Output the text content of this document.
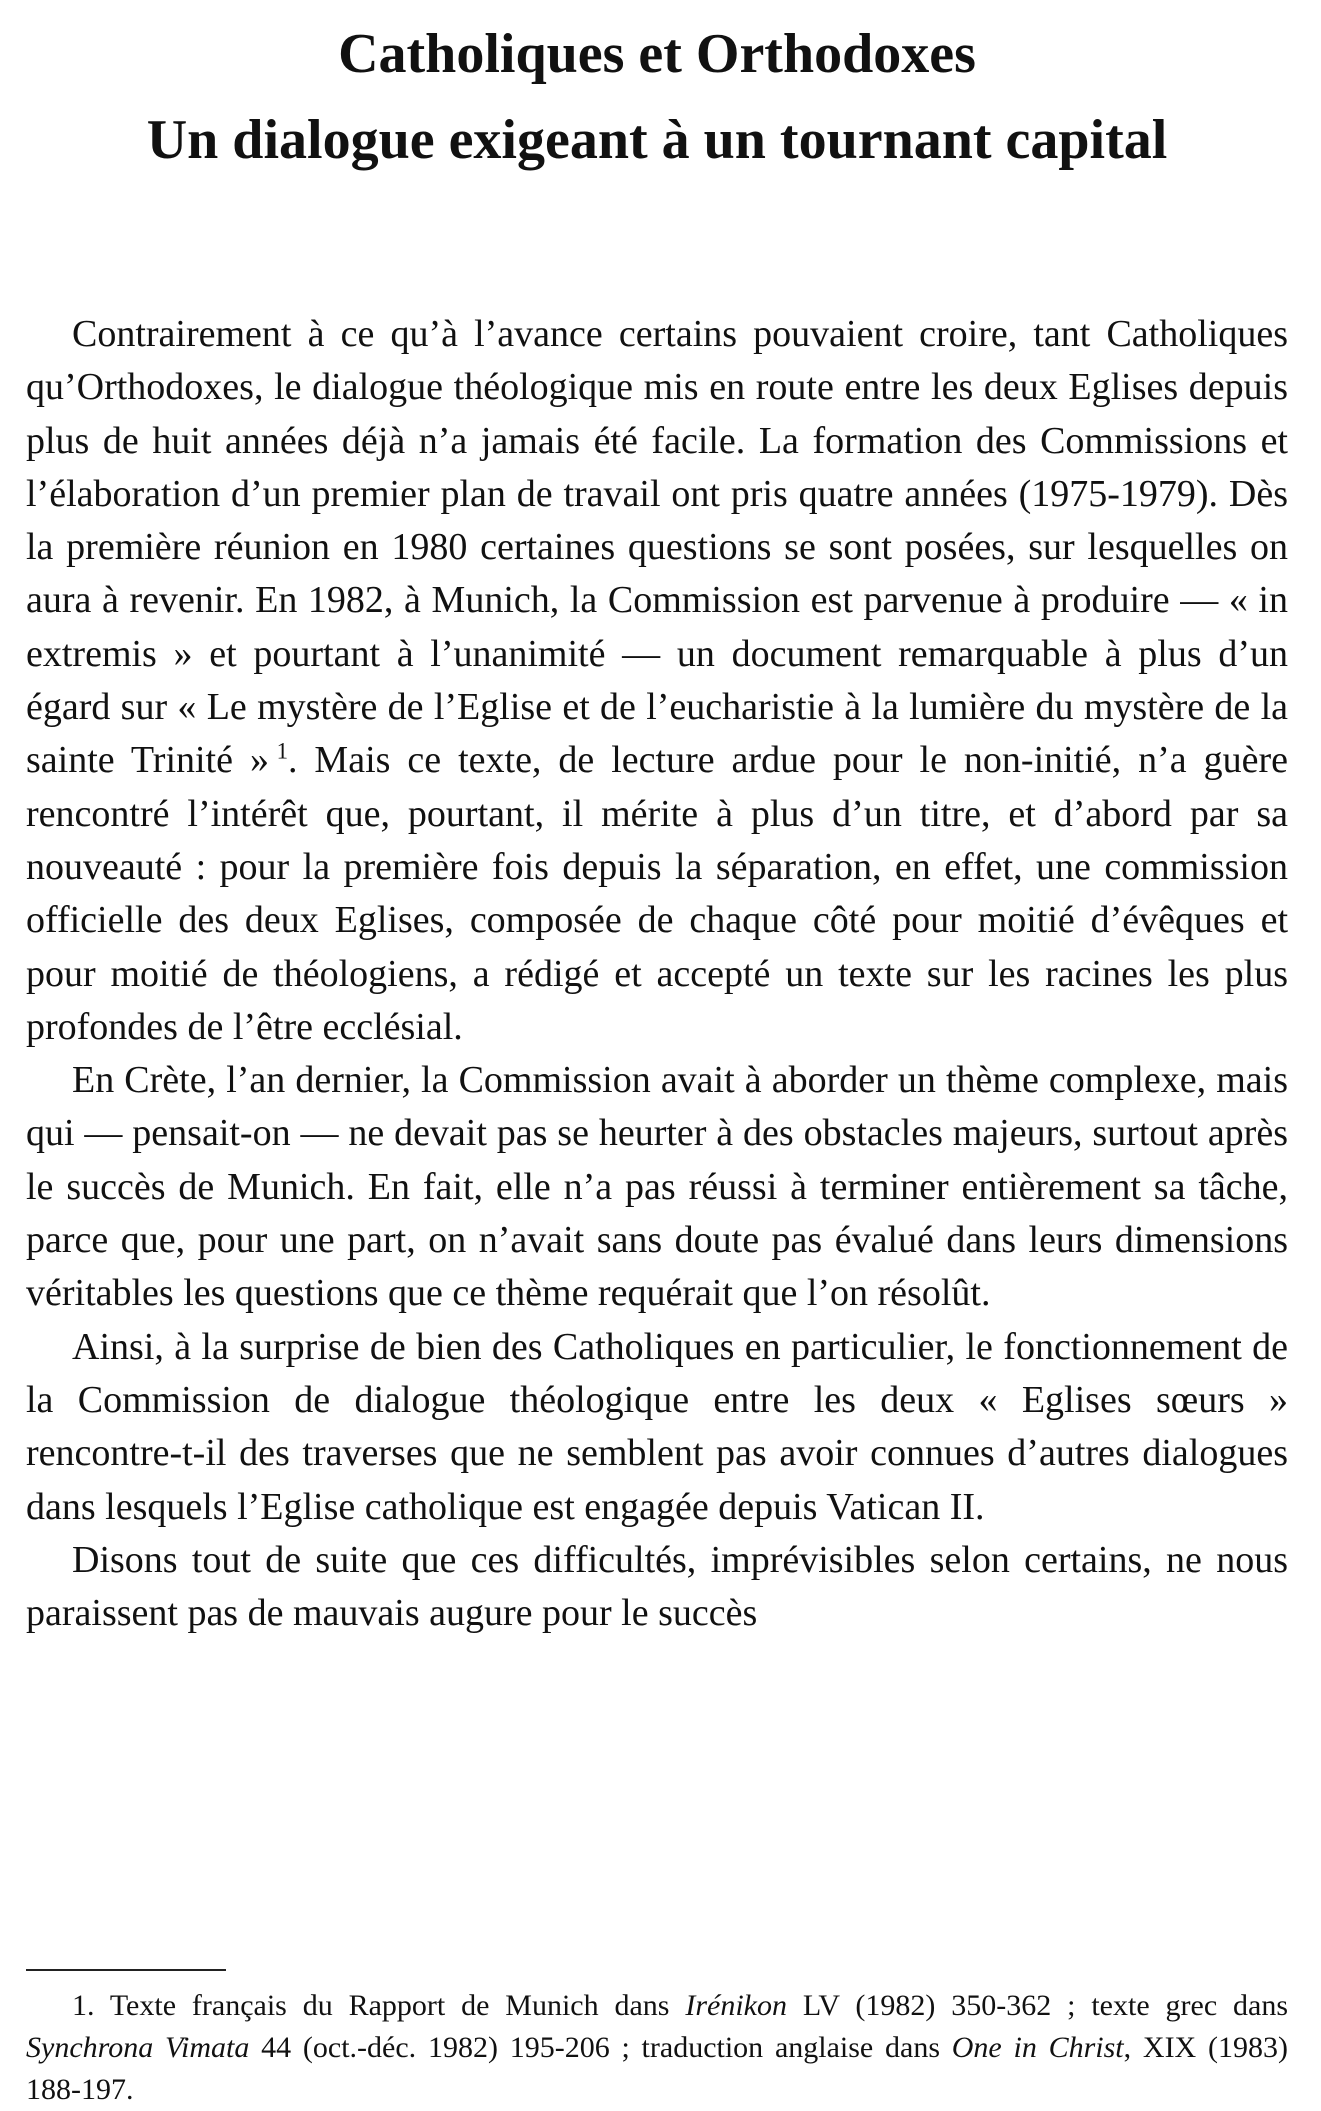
Catholiques et Orthodoxes
Un dialogue exigeant à un tournant capital

Contrairement à ce qu’à l’avance certains pouvaient croire, tant Catholiques qu’Orthodoxes, le dialogue théologique mis en route entre les deux Eglises depuis plus de huit années déjà n’a jamais été facile. La formation des Commissions et l’élaboration d’un premier plan de travail ont pris quatre années (1975-1979). Dès la première réunion en 1980 certaines questions se sont posées, sur lesquelles on aura à revenir. En 1982, à Munich, la Commission est parvenue à produire — « in extremis » et pourtant à l’unanimité — un document remarquable à plus d’un égard sur « Le mystère de l’Eglise et de l’eucharistie à la lumière du mystère de la sainte Trinité »  $^1$. Mais ce texte, de lecture ardue pour le non-initié, n’a guère rencontré l’intérêt que, pourtant, il mérite à plus d’un titre, et d’abord par sa nouveauté : pour la première fois depuis la séparation, en effet, une commission officielle des deux Eglises, composée de chaque côté pour moitié d’évêques et pour moitié de théologiens, a rédigé et accepté un texte sur les racines les plus profondes de l’être ecclésial.

En Crète, l’an dernier, la Commission avait à aborder un thème complexe, mais qui — pensait-on — ne devait pas se heurter à des obstacles majeurs, surtout après le succès de Munich. En fait, elle n’a pas réussi à terminer entièrement sa tâche, parce que, pour une part, on n’avait sans doute pas évalué dans leurs dimensions véritables les questions que ce thème requérait que l’on résolût.

Ainsi, à la surprise de bien des Catholiques en particulier, le fonctionnement de la Commission de dialogue théologique entre les deux « Eglises sœurs » rencontre-t-il des traverses que ne semblent pas avoir connues d’autres dialogues dans lesquels l’Eglise catholique est engagée depuis Vatican II.

Disons tout de suite que ces difficultés, imprévisibles selon certains, ne nous paraissent pas de mauvais augure pour le succès

1. Texte français du Rapport de Munich dans Irénikon LV (1982) 350-362 ; texte grec dans Synchrona Vimata 44 (oct.-déc. 1982) 195-206 ; traduction anglaise dans One in Christ, XIX (1983) 188-197.
